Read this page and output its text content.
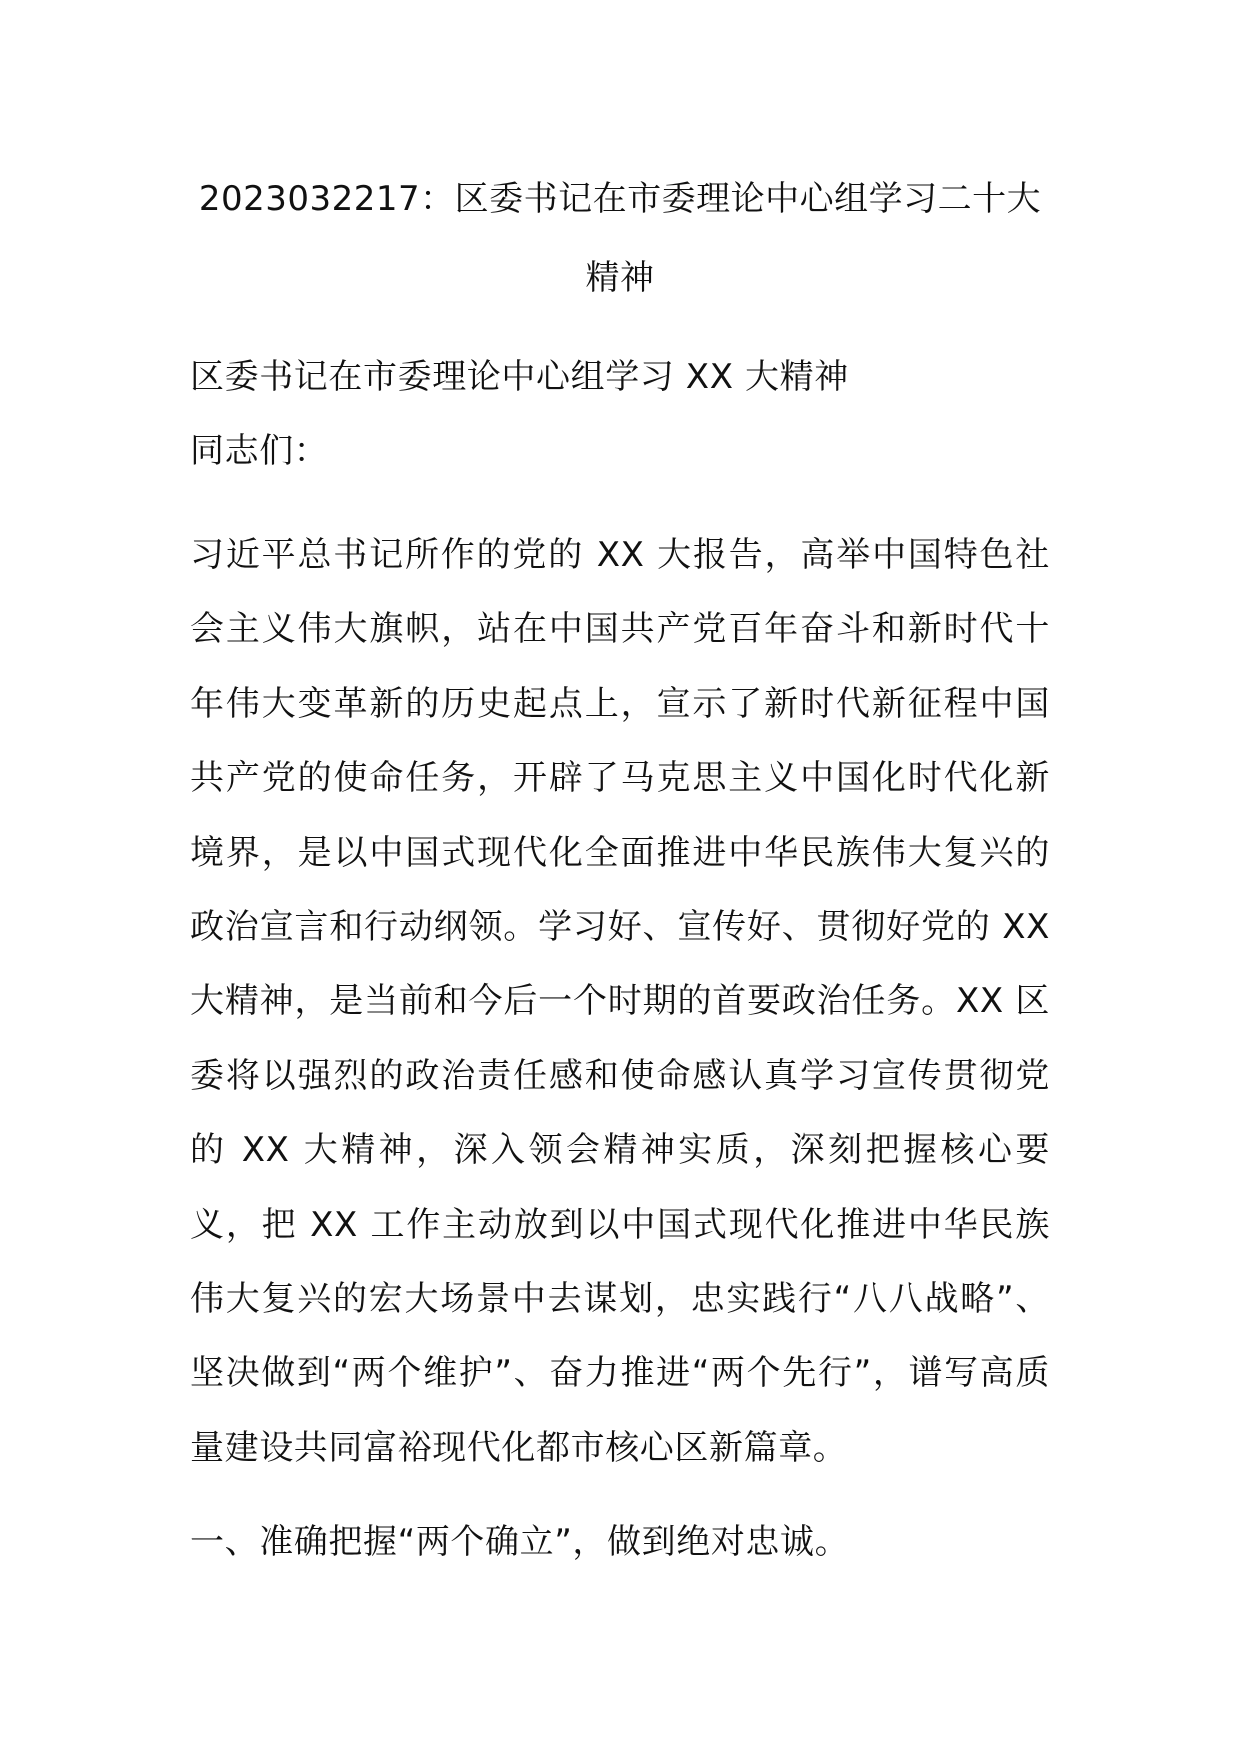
2023032217：区委书记在市委理论中心组学习二十大精神

区委书记在市委理论中心组学习 XX 大精神

同志们：

习近平总书记所作的党的 XX 大报告，高举中国特色社会主义伟大旗帜，站在中国共产党百年奋斗和新时代十年伟大变革新的历史起点上，宣示了新时代新征程中国共产党的使命任务，开辟了马克思主义中国化时代化新境界，是以中国式现代化全面推进中华民族伟大复兴的政治宣言和行动纲领。学习好、宣传好、贯彻好党的 XX 大精神，是当前和今后一个时期的首要政治任务。XX 区委将以强烈的政治责任感和使命感认真学习宣传贯彻党的 XX 大精神，深入领会精神实质，深刻把握核心要义，把 XX 工作主动放到以中国式现代化推进中华民族伟大复兴的宏大场景中去谋划，忠实践行“八八战略”、坚决做到“两个维护”、奋力推进“两个先行”，谱写高质量建设共同富裕现代化都市核心区新篇章。

一、准确把握“两个确立”，做到绝对忠诚。
